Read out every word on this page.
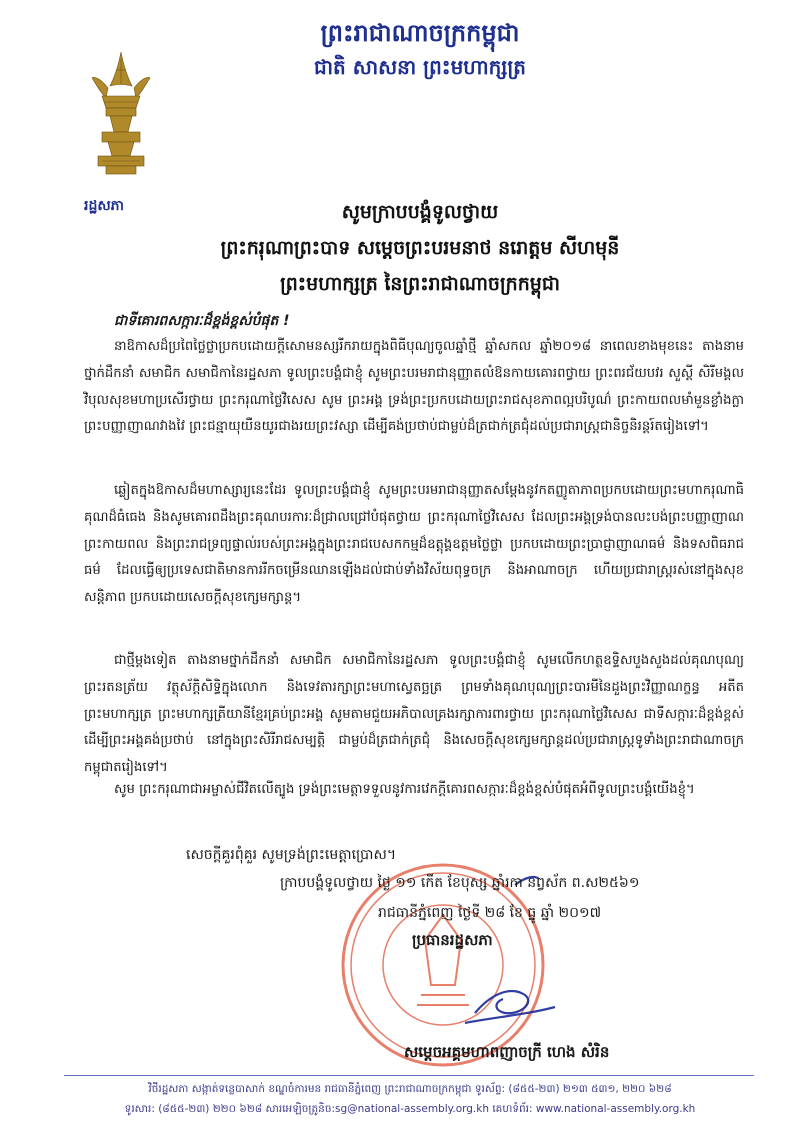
ព្រះរាជាណាចក្រកម្ពុជា
ជាតិ សាសនា ព្រះមហាក្សត្រ
រដ្ឋសភា	សូមក្រាបបង្គំទូលថ្វាយ
ព្រះករុណាព្រះបាទ សម្តេចព្រះបរមនាថ នរោត្តម សីហមុនី
ព្រះមហាក្សត្រ នៃព្រះរាជាណាចក្រកម្ពុជា
ជាទីគោរពសក្ការៈដ៏ខ្ពង់ខ្ពស់បំផុត !

នាឱកាសដ៏ប្រពៃថ្លៃថ្លាប្រកបដោយក្តីសោមនស្សរីករាយក្នុងពិធីបុណ្យចូលឆ្នាំថ្មី ឆ្នាំសកល ឆ្នាំ២០១៨ នាពេលខាងមុខនេះ តាងនាមថ្នាក់ដឹកនាំ សមាជិក សមាជិកានៃរដ្ឋសភា ទូលព្រះបង្គំជាខ្ញុំ សូមព្រះបរមរាជានុញ្ញាតលំឱនកាយគោរពថ្វាយ ព្រះពរជ័យបវរ សួស្តី សិរីមង្គល វិបុលសុខមហាប្រសើរថ្វាយ ព្រះករុណាថ្លៃវិសេស សូម ព្រះអង្គ ទ្រង់ព្រះប្រកបដោយព្រះរាជសុខភាពល្អបរិបូណ៌ ព្រះកាយពលមាំមួនខ្លាំងក្លា ព្រះបញ្ញាញាណវាងវៃ ព្រះជន្មាយុយឺនយូរជាងរយព្រះវស្សា ដើម្បីគង់ប្រថាប់ជាម្លប់ដ៏ត្រជាក់ត្រជុំដល់ប្រជារាស្ត្រជានិច្ចនិរន្តរ៍តរៀងទៅ។

ឆ្លៀតក្នុងឱកាសដ៏មហាស្សារ្យនេះដែរ ទូលព្រះបង្គំជាខ្ញុំ សូមព្រះបរមរាជានុញ្ញាតសម្តែងនូវកតញ្ញូតាភាពប្រកបដោយព្រះមហាករុណាធិគុណដ៏ធំធេង និងសូមគោរពដឹងព្រះគុណបរការៈដ៏ជ្រាលជ្រៅបំផុតថ្វាយ ព្រះករុណាថ្លៃវិសេស ដែលព្រះអង្គទ្រង់បានលះបង់ព្រះបញ្ញាញាណ ព្រះកាយពល និងព្រះរាជទ្រព្យផ្ទាល់របស់ព្រះអង្គក្នុងព្រះរាជបេសកកម្មដ៏ឧត្តុង្គឧត្តមថ្លៃថ្លា ប្រកបដោយព្រះប្រាជ្ញាញាណធម៌ និងទសពិធរាជធម៌ ដែលធ្វើឲ្យប្រទេសជាតិមានការរីកចម្រើនឈានឡើងដល់ជាប់ទាំងវិស័យពុទ្ធចក្រ និងអាណាចក្រ ហើយប្រជារាស្ត្ររស់នៅក្នុងសុខសន្តិភាព ប្រកបដោយសេចក្តីសុខក្សេមក្សាន្ត។

ជាថ្មីម្តងទៀត តាងនាមថ្នាក់ដឹកនាំ សមាជិក សមាជិកានៃរដ្ឋសភា ទូលព្រះបង្គំជាខ្ញុំ សូមលើកហត្ថឧទ្ទិសបួងសួងដល់គុណបុណ្យព្រះរតនត្រ័យ វត្ថុស័ក្តិសិទ្ធិក្នុងលោក និងទេវតារក្សាព្រះមហាស្វេតច្ឆត្រ ព្រមទាំងគុណបុណ្យព្រះបារមីនៃដួងព្រះវិញ្ញាណក្ខន្ធ អតីតព្រះមហាក្សត្រ ព្រះមហាក្សត្រីយានីខ្មែរគ្រប់ព្រះអង្គ សូមតាមជួយអភិបាលគ្រងរក្សាការពារថ្វាយ ព្រះករុណាថ្លៃវិសេស ជាទីសក្ការៈដ៏ខ្ពង់ខ្ពស់ ដើម្បីព្រះអង្គគង់ប្រថាប់ នៅក្នុងព្រះសិរីរាជសម្បត្តិ ជាម្លប់ដ៏ត្រជាក់ត្រជុំ និងសេចក្តីសុខក្សេមក្សាន្តដល់ប្រជារាស្ត្រទូទាំងព្រះរាជាណាចក្រកម្ពុជាតរៀងទៅ។

សូម ព្រះករុណាជាអម្ចាស់ជីវិតលើត្បូង ទ្រង់ព្រះមេត្តាទទួលនូវការវេកក្តីគោរពសក្ការៈដ៏ខ្ពង់ខ្ពស់បំផុតអំពីទូលព្រះបង្គំយើងខ្ញុំ។

សេចក្តីគួរពុំគួរ សូមទ្រង់ព្រះមេត្តាប្រោស។
ក្រាបបង្គំទូលថ្វាយ ថ្ងៃ ១១ កើត ខែបុស្ស ឆ្នាំរកា នព្វស័ក ព.ស២៥៦១
រាជធានីភ្នំពេញ ថ្ងៃទី ២៨ ខែ ធ្នូ ឆ្នាំ ២០១៧
ប្រធានរដ្ឋសភា
សម្តេចអគ្គមហាពញាចក្រី ហេង សំរិន
វិថីរដ្ឋសភា សង្កាត់ទន្លេបាសាក់ ខណ្ឌចំការមន រាជធានីភ្នំពេញ ព្រះរាជាណាចក្រកម្ពុជា ទូរស័ព្ទ: (៨៥៥-២៣) ២១៣ ៥៣១, ២២០ ៦២៨
ទូរសារ: (៨៥៥-២៣) ២២០ ៦២៨ សារអេឡិចត្រូនិច:sg@national-assembly.org.kh គេហទំព័រ: www.national-assembly.org.kh
